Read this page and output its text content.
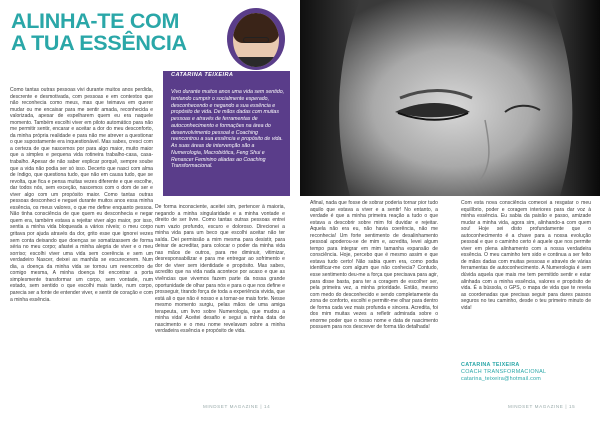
ALINHA-TE COM
A TUA ESSÊNCIA
CATARINA TEIXEIRA

Vivo durante muitos anos uma vida sem sentido, tentando cumprir o socialmente esperado, desconhecendo e negando a sua essência e propósito de vida. De mãos dadas com muitas pessoas e através de ferramentas de autoconhecimento e formações na área do desenvolvimento pessoal e Coaching reencontrou a sua essência e propósito de vida. As suas áreas de intervenção são a Numerologia, Macrobiótica, Feng Shui e Renascer Feminino aliadas ao Coaching Transformacional.

Como tantas outras pessoas vivi durante muitos anos perdida, descrente e desmotivada, com pessoas e em contextos que não reconhecia como meus, mas que teimava em querer mudar ou me encaixar para me sentir amada, reconhecida e valorizada, apesar de espelharem quem eu era naquele momento. Também escolhi viver em piloto automático para não me permitir sentir, encarar e aceitar a dor do meu desconforto, da minha própria realidade e para não me atrever a questionar o que supostamente era inquestionável. Mas sabes, cresci com a certeza de que nascemos por para algo maior, muito maior que a simples e pequena vida rotineira trabalho-casa, casa-trabalho. Apesar de não saber explicar porquê, sempre soube que a vida não podia ser só isso. Decerto que nasci com alma de índigo, que questiona tudo, que não em causa tudo, que se revolta, que fica e pensa muitas vezes diferente e que escolhe, dar todos nós, sem exceção, nascemos com o dom de ser e viver algo com um propósito maior. Como tantas outras pessoas desconheci e neguei durante muitos anos essa minha essência, os meus valores, o que me define enquanto pessoa. Não tinha consciência de que quem eu desconhecia e negar quem era, também estava a rejeitar viver algo maior, por isso, sentia a minha vida bloqueada a vários níveis; o meu corpo gritava por ajuda através da dor, grito esse que ignorei vezes sem conta deixando que doenças se somatizassem de forma séria no meu corpo; afastei a minha alegria de viver e o meu sorriso; escolhi viver uma vida sem coerência e sem um verdadeiro Nascer, deixei as manhãs se escurecerem. Num dia, a doença da minha vida se tornou um reencontro de comigo mesma, A minha doença foi encontrar a porta simplesmente transformar um corpo, sem vontade, num estado, sem sentido o que escolhi mais tarde, num corpo, parecia ser a fonte de entender viver, e sentir de coração e com a minha essência.

De forma inconsciente, aceitei sim, pertencer à maioria, negando a minha singularidade e a minha vontade e direito de ser livre. Como tantas outras pessoas entrei num vazio profundo, escuro e doloroso. Direcionei a minha vida para um beco que escolhi aceitar não ter saída. Dei permissão a mim mesma para desistir, para deixar de acreditar, para colocar o poder da minha vida nas mãos de outros, para me diminuir, vitimizar, desresponsabilizar e para me entregar ao sofrimento e dor de viver sem identidade e propósito. Mas sabes, acredito que na vida nada acontece por acaso e que as vivências que vivemos fazem parte da nossa grande oportunidade de olhar para nós e para o que nos define e prosseguir, tirando força de toda a experiência vivida, que está ali o que não é nosso e a tornar-se mais forte. Nesse mesmo momento surgiu, pelas mãos de uma amiga terapeuta, um livro sobre Numerologia, que mudou a minha vida! Aceitei desafio e segui a minha data de nascimento e o meu nome revelavam sobre a minha verdadeira essência e propósito de vida.

MINDSET MAGAZINE | 14

Afinal, nada que fosse de sobrar poderia tornar pior tudo aquilo que estava a viver e a sentir! No entanto, a verdade é que a minha primeira reação a tudo o que estava a descobrir sobre mim foi duvidar e rejeitar. Aquela não era eu, não havia coerência, não me reconhecia! Um forte sentimento de desalinhamento pessoal apoderou-se de mim e, acredita, levei algum tempo para integrar em mim tamanha expansão de consciência. Hoje, percebo que é mesmo assim e que estava tudo certo! Não sabia quem era, como podia identificar-me com algum que não conhecia? Contudo, esse sentimento deu-me a força que precisava para agir, para disse basta, para ter a coragem de escolher ser, pela primeira vez, a minha prioridade. Então, mesmo com medo do desconhecido e sendo completamente da zona de conforto, escolhi e permitir-me olhar para dentro de forma cada vez mais profunda e sincera. Acredita, foi dos mim muitas vezes a refletir admirada sobre o enorme poder que o nosso nome e data de nascimento possuem para nos descrever de forma tão detalhada!

Com esta nova consciência comecei a resgatar o meu equilíbrio, poder e coragem interiores para dar voz à minha essência. Eu sabia da paixão e passo, amizade mudar a minha vida, agora sim, alinhando-a com quem sou! Hoje sei disto profundamente que o autoconhecimento é a chave para a nossa evolução pessoal e que o caminho certo é aquele que nos permite viver em plena alinhamento com a nossa verdadeira essência. O meu caminho tem sido e continua a ser feito de mãos dadas com muitas pessoas e através de várias ferramentas de autoconhecimento. A Numerologia é sem dúvida aquela que mais me tem permitido sentir e estar alinhada com a minha essência, valores e propósito de vida. É a bússola, o GPS, o mapa de vida que te revela as coordenadas que precisas seguir para dares passos seguros no teu caminho, desde o teu primeiro minuto de vida!

CATARINA TEIXEIRA
COACH TRANSFORMACIONAL
catarina_teixeira@hotmail.com
MINDSET MAGAZINE | 15
